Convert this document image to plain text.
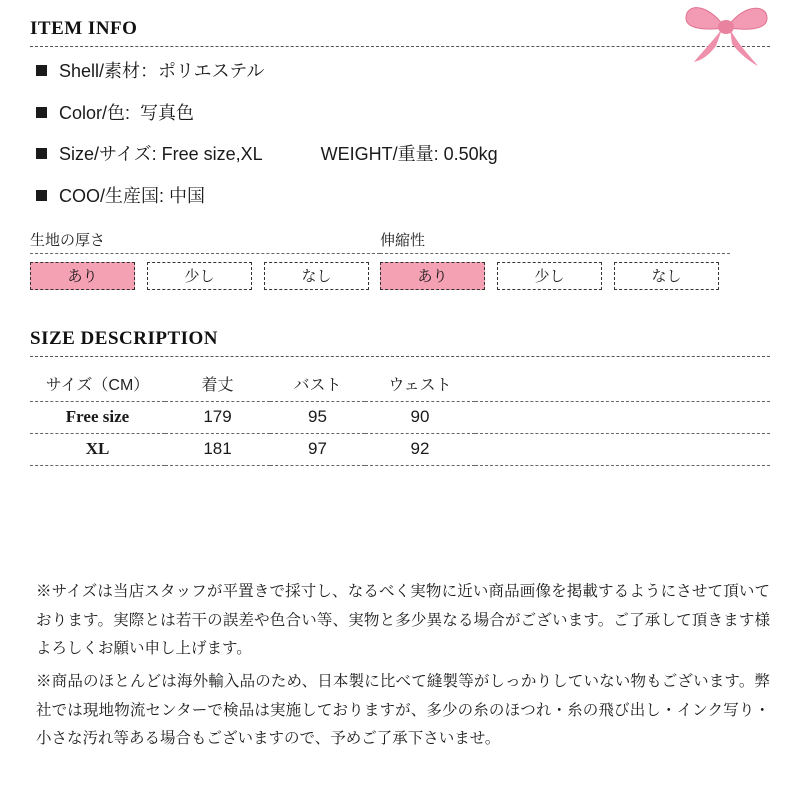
ITEM INFO
Shell/素材：ポリエステル
Color/色:  写真色
Size/サイズ: Free size,XL	WEIGHT/重量: 0.50kg
COO/生産国: 中国
生地の厚さ
あり	少し	なし
伸縮性
あり	少し	なし
SIZE DESCRIPTION
サイズ（CM）	着丈	バスト	ウェスト	
Free size	179	95	90	
XL	181	97	92	

※サイズは当店スタッフが平置きで採寸し、なるべく実物に近い商品画像を掲載するようにさせて頂いております。実際とは若干の誤差や色合い等、実物と多少異なる場合がございます。ご了承して頂きます様よろしくお願い申し上げます。

※商品のほとんどは海外輸入品のため、日本製に比べて縫製等がしっかりしていない物もございます。弊社では現地物流センターで検品は実施しておりますが、多少の糸のほつれ・糸の飛び出し・インク写り・小さな汚れ等ある場合もございますので、予めご了承下さいませ。
